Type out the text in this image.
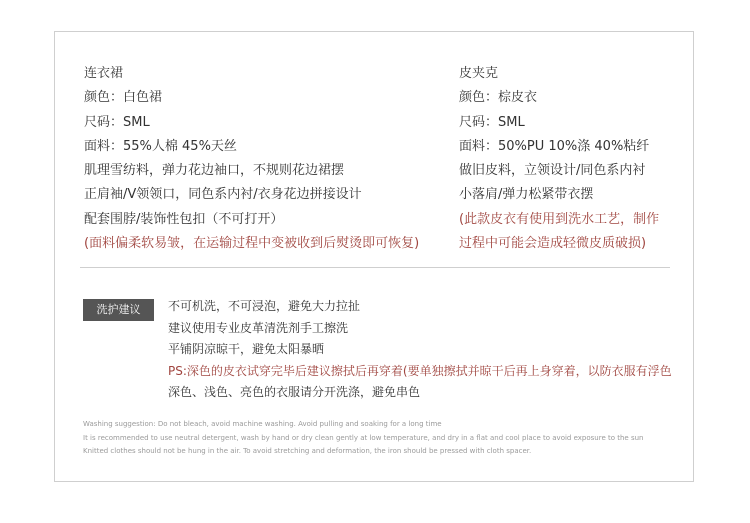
连衣裙
颜色：白色裙
尺码：SML
面料：55%人棉 45%天丝
肌理雪纺料，弹力花边袖口，不规则花边裙摆
正肩袖/V领领口，同色系内衬/衣身花边拼接设计
配套围脖/装饰性包扣（不可打开）
(面料偏柔软易皱，在运输过程中变被收到后熨烫即可恢复)
皮夹克
颜色：棕皮衣
尺码：SML
面料：50%PU 10%涤 40%粘纤
做旧皮料，立领设计/同色系内衬
小落肩/弹力松紧带衣摆
(此款皮衣有使用到洗水工艺，制作
过程中可能会造成轻微皮质破损)
洗护建议	不可机洗，不可浸泡，避免大力拉扯
建议使用专业皮革清洗剂手工擦洗
平铺阴凉晾干，避免太阳暴晒
PS:深色的皮衣试穿完毕后建议擦拭后再穿着(要单独擦拭并晾干后再上身穿着，以防衣服有浮色
深色、浅色、亮色的衣服请分开洗涤，避免串色
Washing suggestion: Do not bleach, avoid machine washing. Avoid pulling and soaking for a long time
It is recommended to use neutral detergent, wash by hand or dry clean gently at low temperature, and dry in a flat and cool place to avoid exposure to the sun
Knitted clothes should not be hung in the air. To avoid stretching and deformation, the iron should be pressed with cloth spacer.
